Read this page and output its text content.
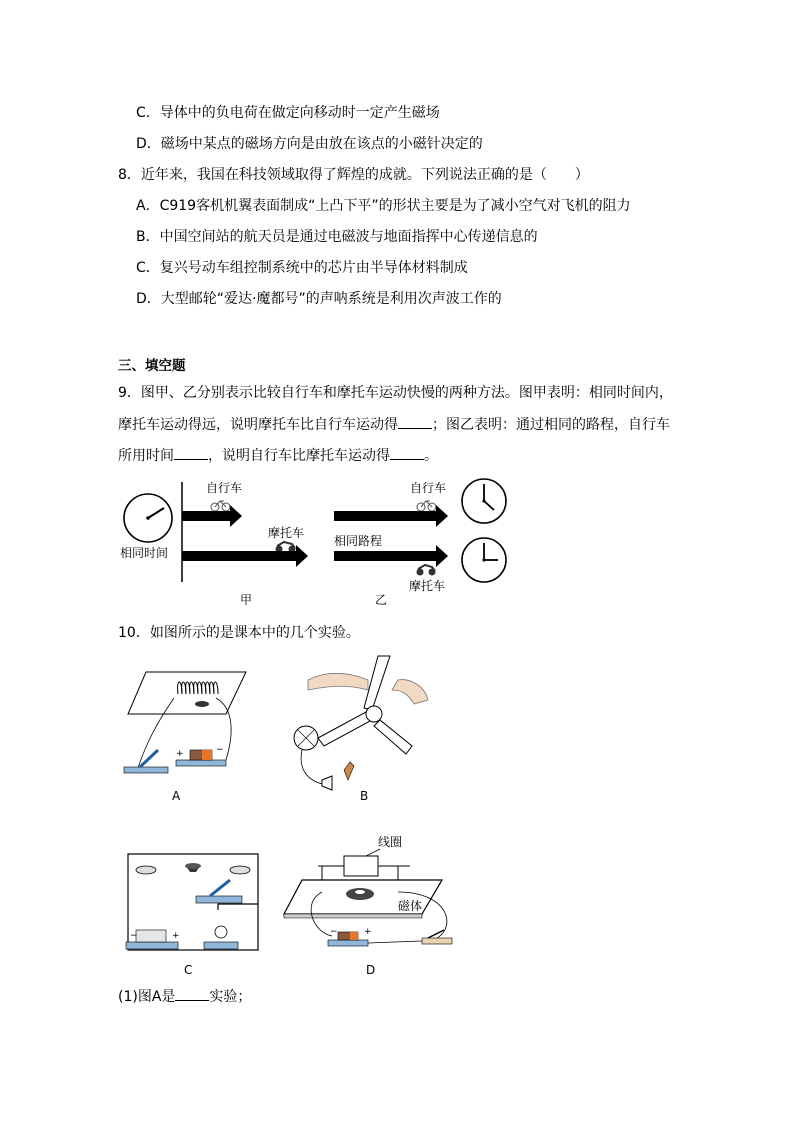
C．导体中的负电荷在做定向移动时一定产生磁场
D．磁场中某点的磁场方向是由放在该点的小磁针决定的
8．近年来，我国在科技领域取得了辉煌的成就。下列说法正确的是（　　）
A．C919客机机翼表面制成“上凸下平”的形状主要是为了减小空气对飞机的阻力
B．中国空间站的航天员是通过电磁波与地面指挥中心传递信息的
C．复兴号动车组控制系统中的芯片由半导体材料制成
D．大型邮轮“爱达·魔都号”的声呐系统是利用次声波工作的
三、填空题
9．图甲、乙分别表示比较自行车和摩托车运动快慢的两种方法。图甲表明：相同时间内，
摩托车运动得远，说明摩托车比自行车运动得 ；图乙表明：通过相同的路程，自行车
所用时间 ，说明自行车比摩托车运动得 。
相同时间
自行车
摩托车
甲
自行车
相同路程
摩托车
乙
10．如图所示的是课本中的几个实验。
+	−
A	B
−	+
C
线圈
磁体
−	+
D
(1)图A是 实验；
